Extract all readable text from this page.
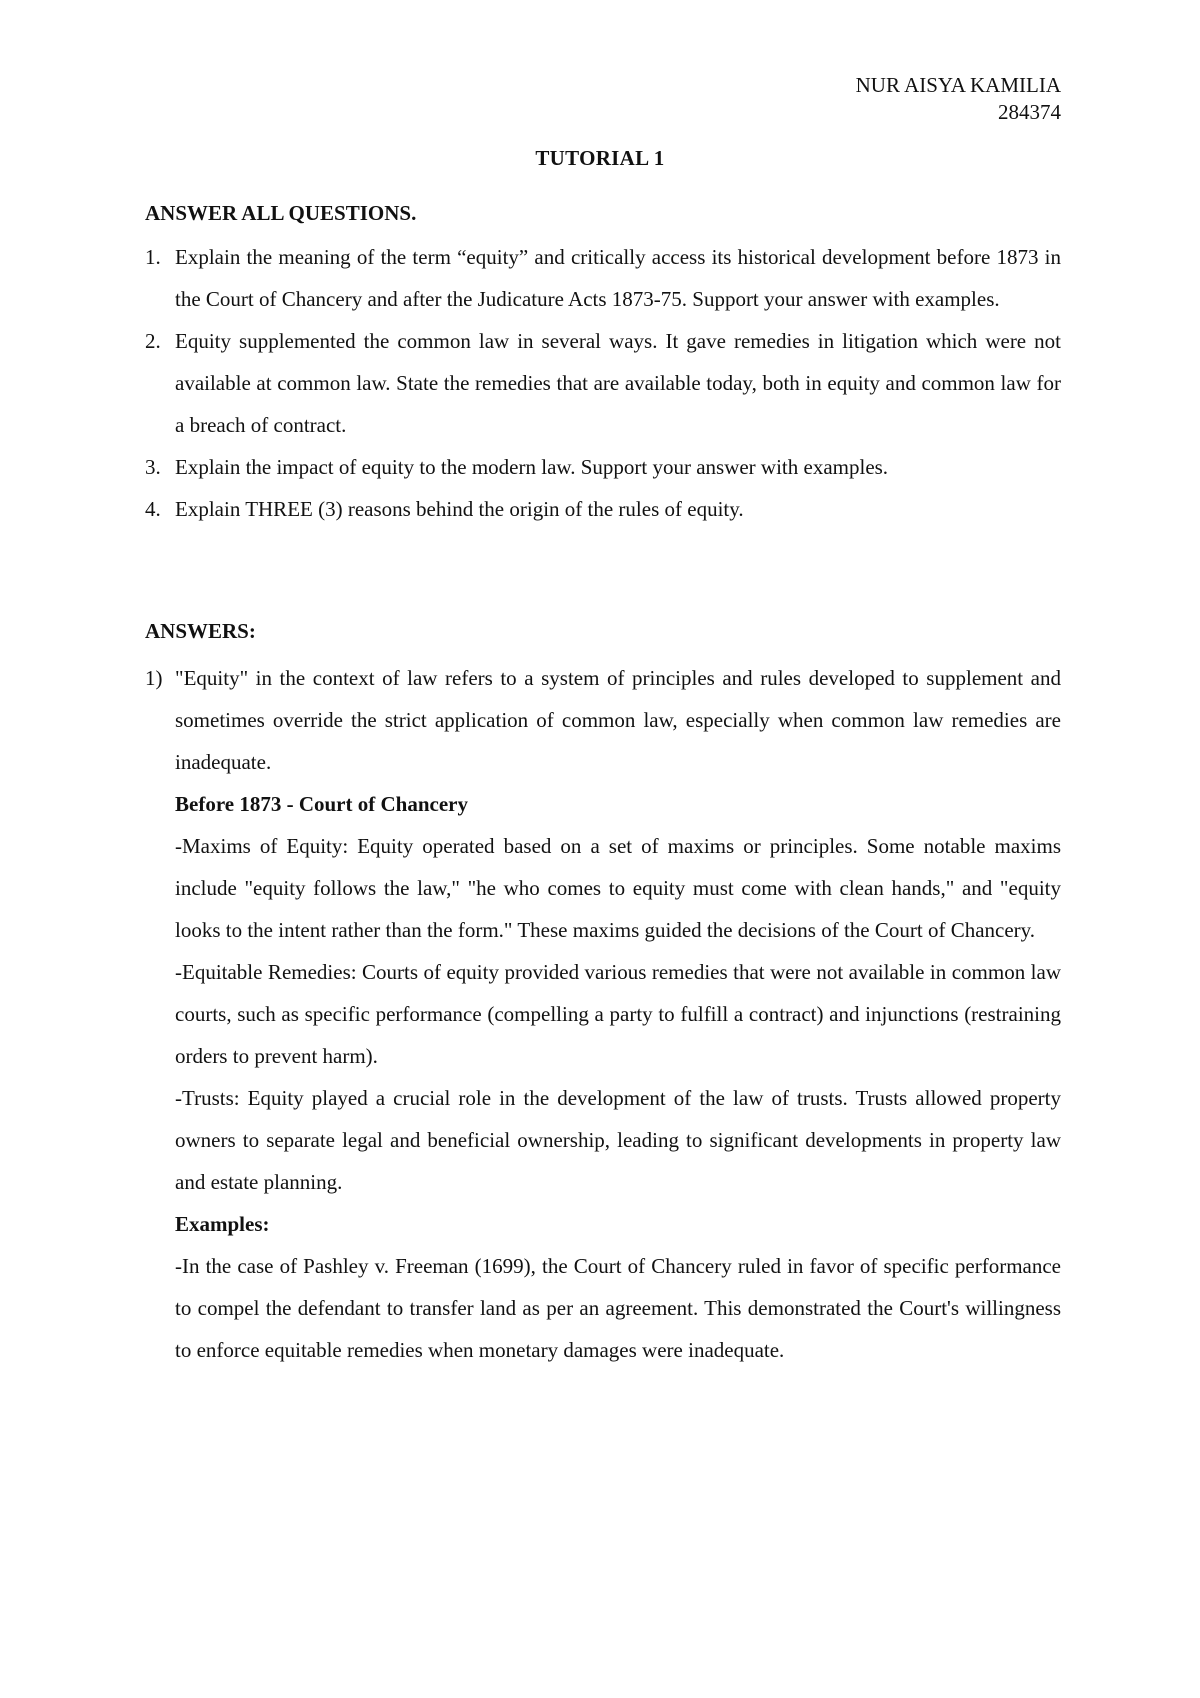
NUR AISYA KAMILIA
284374
TUTORIAL 1
ANSWER ALL QUESTIONS.
1. Explain the meaning of the term “equity” and critically access its historical development before 1873 in the Court of Chancery and after the Judicature Acts 1873-75. Support your answer with examples.
2. Equity supplemented the common law in several ways. It gave remedies in litigation which were not available at common law. State the remedies that are available today, both in equity and common law for a breach of contract.
3. Explain the impact of equity to the modern law. Support your answer with examples.
4. Explain THREE (3) reasons behind the origin of the rules of equity.
ANSWERS:
1) "Equity" in the context of law refers to a system of principles and rules developed to supplement and sometimes override the strict application of common law, especially when common law remedies are inadequate.
Before 1873 - Court of Chancery
-Maxims of Equity: Equity operated based on a set of maxims or principles. Some notable maxims include "equity follows the law," "he who comes to equity must come with clean hands," and "equity looks to the intent rather than the form." These maxims guided the decisions of the Court of Chancery.
-Equitable Remedies: Courts of equity provided various remedies that were not available in common law courts, such as specific performance (compelling a party to fulfill a contract) and injunctions (restraining orders to prevent harm).
-Trusts: Equity played a crucial role in the development of the law of trusts. Trusts allowed property owners to separate legal and beneficial ownership, leading to significant developments in property law and estate planning.
Examples:
-In the case of Pashley v. Freeman (1699), the Court of Chancery ruled in favor of specific performance to compel the defendant to transfer land as per an agreement. This demonstrated the Court's willingness to enforce equitable remedies when monetary damages were inadequate.
